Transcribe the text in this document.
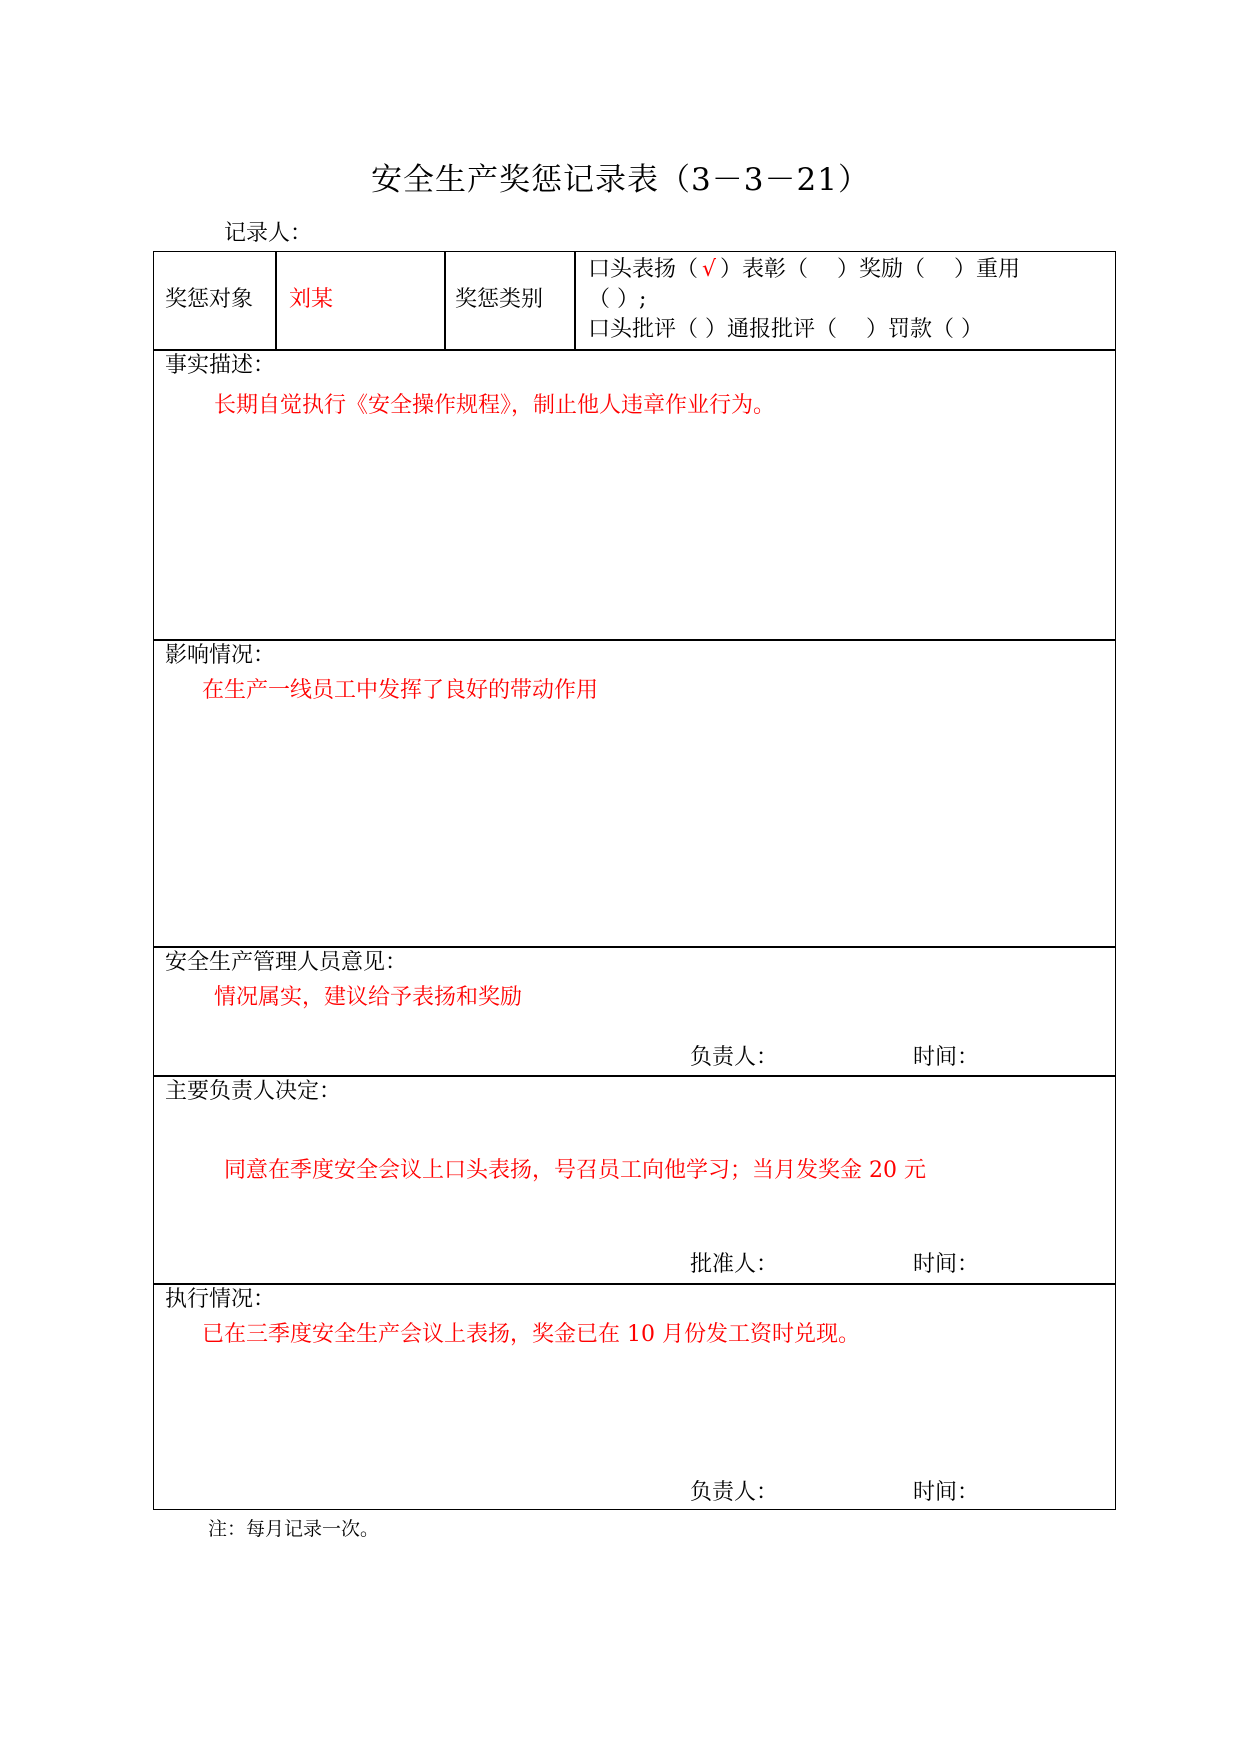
安全生产奖惩记录表（3－3－21）
记录人：
奖惩对象 刘某	奖惩类别
口头表扬（ √ ）表彰（　 ）奖励（　 ）重用
（ ）;
口头批评（ ）通报批评（　 ）罚款（ ）
事实描述：
长期自觉执行《安全操作规程》，制止他人违章作业行为。
影响情况：
在生产一线员工中发挥了良好的带动作用
安全生产管理人员意见：
情况属实，建议给予表扬和奖励
负责人：	时间：
主要负责人决定：
同意在季度安全会议上口头表扬，号召员工向他学习；当月发奖金 20 元
批准人：	时间：
执行情况：
已在三季度安全生产会议上表扬，奖金已在 10 月份发工资时兑现。
负责人：	时间：
注：每月记录一次。
